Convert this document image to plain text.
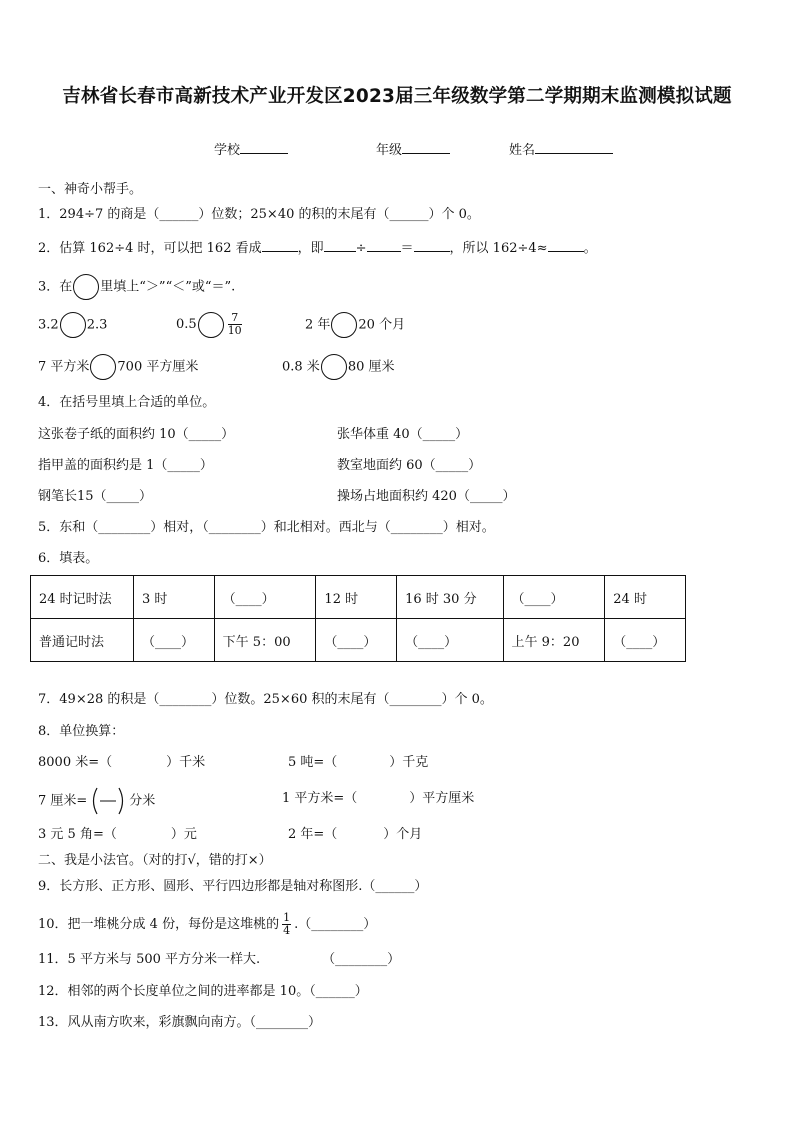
吉林省长春市高新技术产业开发区2023届三年级数学第二学期期末监测模拟试题
学校	年级	姓名
一、神奇小帮手。
1．294÷7 的商是（______）位数；25×40 的积的末尾有（______）个 0。
2．估算 162÷4 时，可以把 162 看成	，即 ÷	＝	，所以 162÷4≈	。
3．在 里填上“＞”“＜”或“＝”.
3.2 2.3	0.5	$\frac{7}{10}$	2 年 20 个月
7 平方米 700 平方厘米	0.8 米 80 厘米
4．在括号里填上合适的单位。
这张卷子纸的面积约 10（_____）	张华体重 40（_____）
指甲盖的面积约是 1（_____）	教室地面约 60（_____）
钢笔长15（_____）	操场占地面积约 420（_____）
5．东和（________）相对，（________）和北相对。西北与（________）相对。
6．填表。
24 时记时法	3 时	（____）	12 时	16 时 30 分	（____）	24 时
普通记时法	（____）	下午 5：00	（____）	（____）	上午 9：20	（____）
7．49×28 的积是（________）位数。25×60 积的末尾有（________）个 0。
8．单位换算：
8000 米=（	）千米	5 吨=（	）千克
7 厘米=	分米	1 平方米=（	）平方厘米
3 元 5 角=（	）元	2 年=（	）个月
二、我是小法官。（对的打√，错的打×）
9．长方形、正方形、圆形、平行四边形都是轴对称图形.（______）
10．把一堆桃分成 4 份，每份是这堆桃的 $\frac{1}{4}$ .（________）
11．5 平方米与 500 平方分米一样大.	（________）
12．相邻的两个长度单位之间的进率都是 10。（______）
13．风从南方吹来，彩旗飘向南方。（________）
